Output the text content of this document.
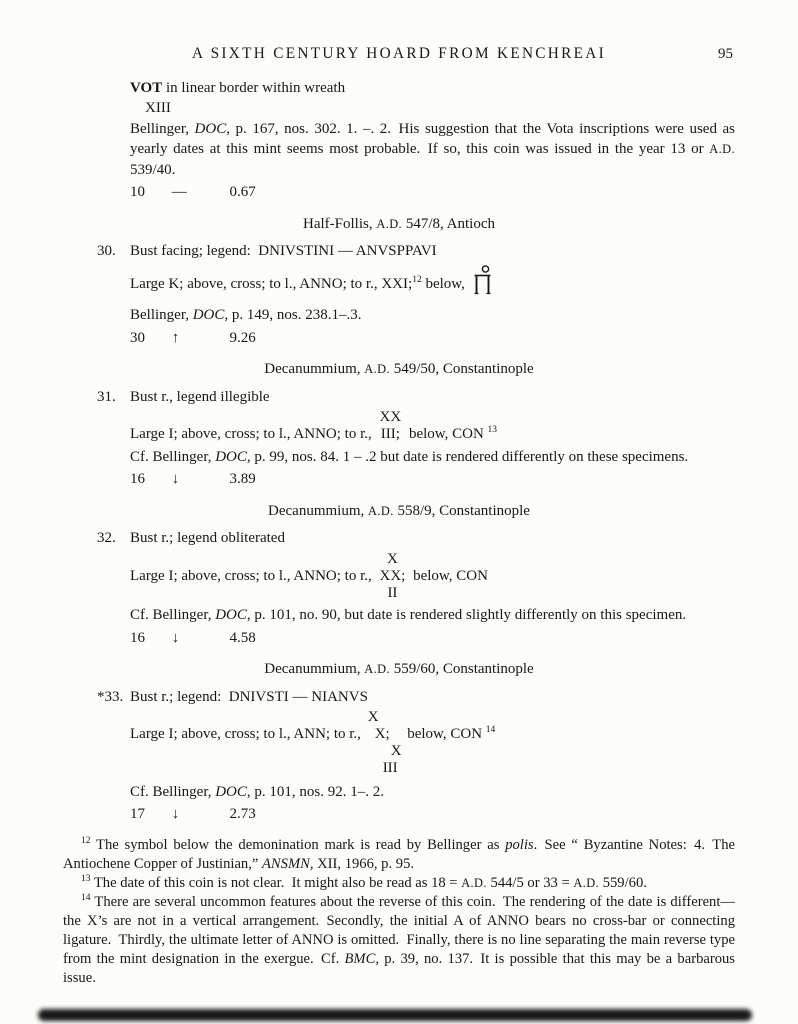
A SIXTH CENTURY HOARD FROM KENCHREAI	95
VOT in linear border within wreath
XIII

Bellinger, DOC, p. 167, nos. 302. 1. –. 2. His suggestion that the Vota inscriptions were used as yearly dates at this mint seems most probable. If so, this coin was issued in the year 13 or A.D. 539/40.

10 —	0.67
Half-Follis, A.D. 547/8, Antioch
30. Bust facing; legend: DNIVSTINI — ANVSPPAVI
Large K; above, cross; to l., ANNO; to r., XXI;$^{12}$ below,
Bellinger, DOC, p. 149, nos. 238.1–.3.
30 ↑	9.26
Decanummium, A.D. 549/50, Constantinople
31. Bust r., legend illegible
Large I; above, cross; to l., ANNO; to r.,
XX
III; below, CON $^{13}$
Cf. Bellinger, DOC, p. 99, nos. 84. 1 – .2 but date is rendered differently on these specimens.
16 ↓	3.89
Decanummium, A.D. 558/9, Constantinople
32. Bust r.; legend obliterated
Large I; above, cross; to l., ANNO; to r.,
X
XX;
II
below, CON
Cf. Bellinger, DOC, p. 101, no. 90, but date is rendered slightly differently on this specimen.
16 ↓	4.58
Decanummium, A.D. 559/60, Constantinople
*33. Bust r.; legend: DNIVSTI — NIANVS
Large I; above, cross; to l., ANN; to r.,
X
X;
X
III
 below, CON $^{14}$
Cf. Bellinger, DOC, p. 101, nos. 92. 1–. 2.
17 ↓	2.73

$^{12}$ The symbol below the demonination mark is read by Bellinger as polis. See “ Byzantine Notes: 4. The Antiochene Copper of Justinian,” ANSMN, XII, 1966, p. 95.

$^{13}$ The date of this coin is not clear. It might also be read as 18 = A.D. 544/5 or 33 = A.D. 559/60.

$^{14}$ There are several uncommon features about the reverse of this coin. The rendering of the date is different—the X’s are not in a vertical arrangement. Secondly, the initial A of ANNO bears no cross-bar or connecting ligature. Thirdly, the ultimate letter of ANNO is omitted. Finally, there is no line separating the main reverse type from the mint designation in the exergue. Cf. BMC, p. 39, no. 137. It is possible that this may be a barbarous issue.
